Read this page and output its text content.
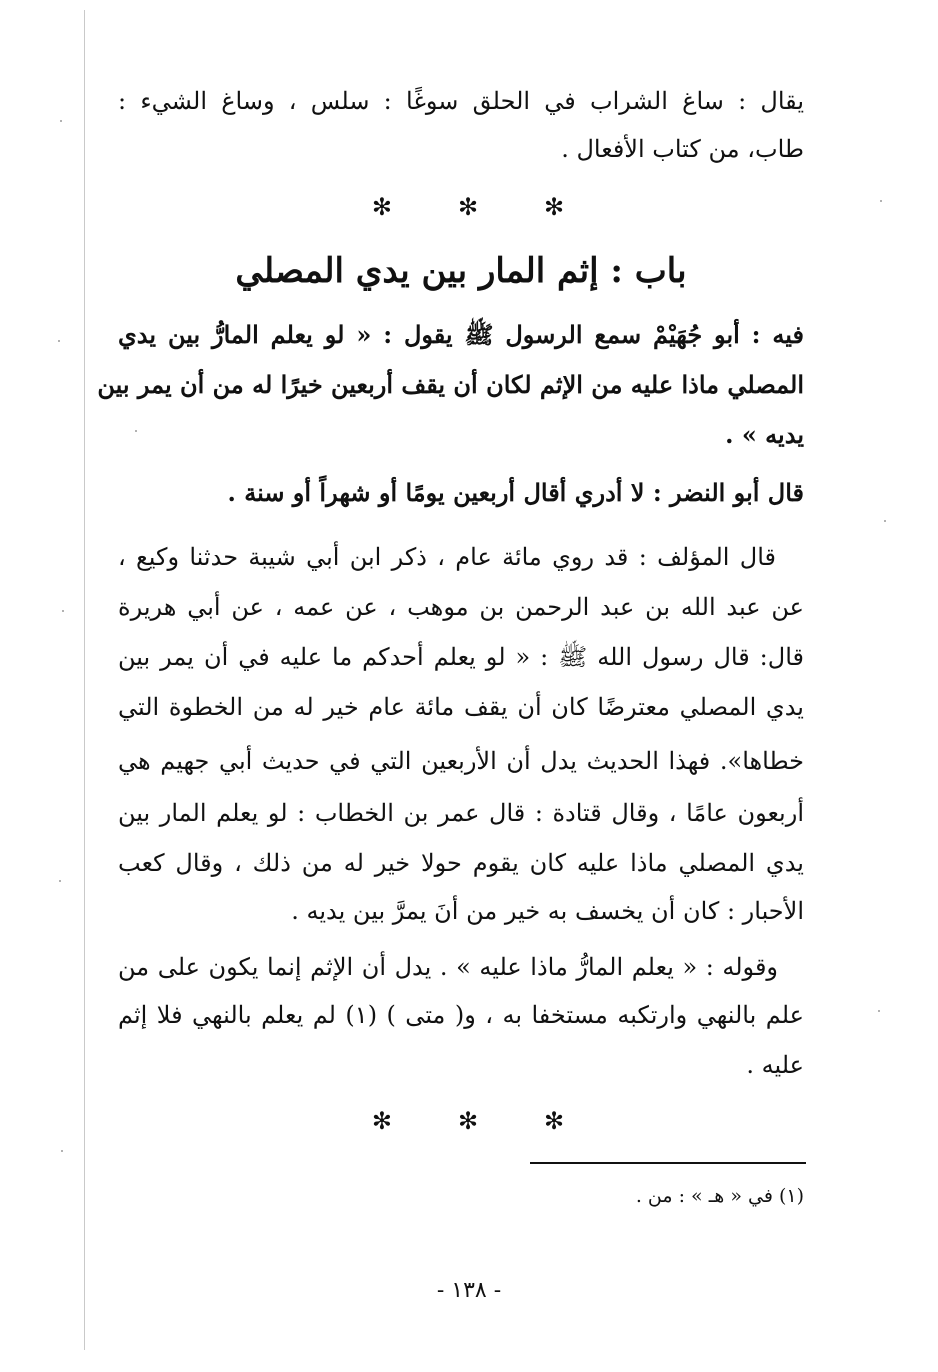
يقال : ساغ الشراب في الحلق سوغًا : سلس ، وساغ الشيء :
طاب، من كتاب الأفعال .
✻	✻	✻
باب : إثم المار بين يدي المصلي
فيه : أبو جُهَيْمْ سمع الرسول ﷺ يقول : « لو يعلم المارُّ بين يدي
المصلي ماذا عليه من الإثم لكان أن يقف أربعين خيرًا له من أن يمر بين
يديه » .
قال أبو النضر : لا أدري أقال أربعين يومًا أو شهراً أو سنة .
قال المؤلف : قد روي مائة عام ، ذكر ابن أبي شيبة حدثنا وكيع ،
عن عبد الله بن عبد الرحمن بن موهب ، عن عمه ، عن أبي هريرة
قال: قال رسول الله ﷺ : « لو يعلم أحدكم ما عليه في أن يمر بين
يدي المصلي معترضًا كان أن يقف مائة عام خير له من الخطوة التي
خطاها». فهذا الحديث يدل أن الأربعين التي في حديث أبي جهيم هي
أربعون عامًا ، وقال قتادة : قال عمر بن الخطاب : لو يعلم المار بين
يدي المصلي ماذا عليه كان يقوم حولا خير له من ذلك ، وقال كعب
الأحبار : كان أن يخسف به خير من أنَ يمرَّ بين يديه .
وقوله : « يعلم المارُّ ماذا عليه » . يدل أن الإثم إنما يكون على من
علم بالنهي وارتكبه مستخفا به ، و( متى ) (١) لم يعلم بالنهي فلا إثم
عليه .
✻	✻	✻
(١) في « هـ » : من .
- ١٣٨ -
